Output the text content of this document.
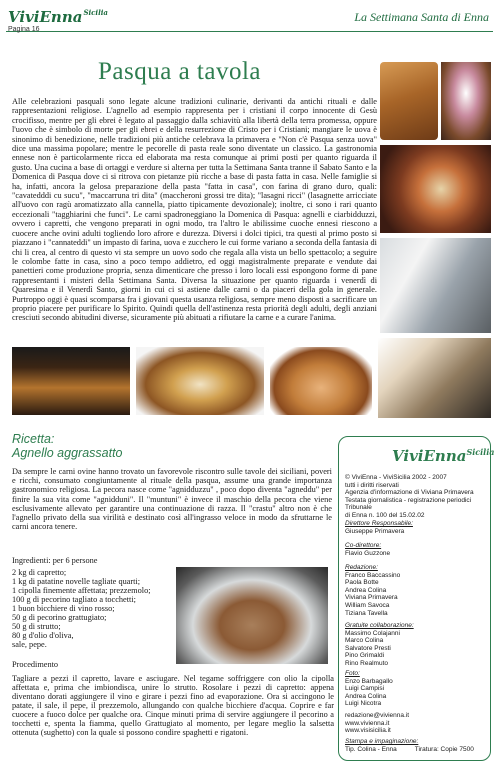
ViviEnna$^{Sicilia}$
Pagina 16
La Settimana Santa di Enna
Pasqua a tavola

Alle celebrazioni pasquali sono legate alcune tradizioni culinarie, derivanti da antichi rituali e dalle rappresentazioni religiose. L'agnello ad esempio rappresenta per i cristiani il corpo innocente di Gesù crocifisso, mentre per gli ebrei è legato al passaggio dalla schiavitù alla libertà della terra promessa, oppure l'uovo che è simbolo di morte per gli ebrei e della resurrezione di Cristo per i Cristiani; mangiare le uova è sinonimo di benedizione, nelle tradizioni più antiche celebrava la primavera e "Non c'è Pasqua senza uova" dice una massima popolare; mentre le pecorelle di pasta reale sono diventate un classico. La gastronomia ennese non è particolarmente ricca ed elaborata ma resta comunque ai primi posti per quanto riguarda il gusto. Una cucina a base di ortaggi e verdure si alterna per tutta la Settimana Santa tranne il Sabato Santo e la Domenica di Pasqua dove ci si ritrova con pietanze più ricche a base di pasta fatta in casa. Nelle famiglie si ha, infatti, ancora la gelosa preparazione della pasta "fatta in casa", con farina di grano duro, quali: "cavatedddi cu sucu", "maccarruna tri dita" (maccheroni grossi tre dita); "lasagni ricci" (lasagnette arricciate all'uovo con ragù aromatizzato alla cannella, piatto tipicamente devozionale); inoltre, ci sono i rari quanto eccezionali "tagghiarini che funci". Le carni spadroneggiano la Domenica di Pasqua: agnelli e ciarbidduzzi, ovvero i capretti, che vengono preparati in ogni modo, tra l'altro le abilissime cuoche ennesi riescono a cuocere anche ovini adulti togliendo loro afrore e durezza. Diversi i dolci tipici, tra questi al primo posto si piazzano i "cannateddi" un impasto di farina, uova e zucchero le cui forme variano a seconda della fantasia di chi li crea, al centro di questo vi sta sempre un uovo sodo che regala alla vista un bello spettacolo; a seguire le colombe fatte in casa, sino a poco tempo addietro, ed oggi magistralmente preparate e vendute dai panettieri come produzione propria, senza dimenticare che presso i loro locali essi espongono forme di pane rappresentanti i misteri della Settimana Santa. Diversa la situazione per quanto riguarda i venerdì di Quaresima e il Venerdì Santo, giorni in cui ci si astiene dalle carni o da piaceri della gola in generale. Purtroppo oggi è quasi scomparsa fra i giovani questa usanza religiosa, sempre meno disposti a sacrificare un proprio piacere per purificare lo Spirito. Quindi quella dell'astinenza resta priorità degli adulti, degli anziani cresciuti secondo abitudini diverse, sicuramente più abituati a rifiutare la carne e a curare l'anima.

Ricetta:
Agnello aggrassatto
Da sempre le carni ovine hanno trovato un favorevole riscontro sulle tavole dei siciliani, poveri e ricchi, consumato congiuntamente al rituale della pasqua, assume una grande importanza gastronomico religiosa. La pecora nasce come "agnidduzzu" , poco dopo diventa "agneddu" per finire la sua vita come "agnidduni". Il "muntuni" è invece il maschio della pecora che viene esclusivamente allevato per garantire una continuazione di razza. Il "crastu" altro non è che l'agnello privato della sua virilità e destinato così all'ingrasso veloce in modo da sfruttarne le carni ancora tenere.
Ingredienti: per 6 persone
2 kg di capretto;
1 kg di patatine novelle tagliate quarti;
1 cipolla finemente affettata; prezzemolo;
100 g di pecorino tagliato a tocchetti;
1 buon bicchiere di vino rosso;
50 g di pecorino grattugiato;
50 g di strutto;
80 g d'olio d'oliva,
sale, pepe.
Procedimento
Tagliare a pezzi il capretto, lavare e asciugare. Nel tegame soffriggere con olio la cipolla affettata e, prima che imbiondisca, unire lo strutto. Rosolare i pezzi di capretto: appena diventano dorati aggiungere il vino e girare i pezzi fino ad evaporazione. Ora si accingono le patate, il sale, il pepe, il prezzemolo, allungando con qualche bicchiere d'acqua. Coprire e far cuocere a fuoco dolce per qualche ora. Cinque minuti prima di servire aggiungere il pecorino a tocchetti e, spenta la fiamma, quello Grattugiato al momento, per legare meglio la salsetta ottenuta (sughetto) con la quale si possono condire spaghetti e rigatoni.
ViviEnna$^{Sicilia}$
© ViviEnna - ViviSicilia 2002 - 2007
tutti i diritti riservati
Agenzia d'informazione di Viviana Primavera
Testata giornalistica - registrazione periodici Tribunale
di Enna n. 100 del 15.02.02
Direttore Responsabile:
Giuseppe Primavera
Co-direttore:
Flavio Guzzone
Redazione:
Franco Baccassino
Paola Botte
Andrea Colina
Viviana Primavera
William Savoca
Tiziana Tavella
Gratuite collaborazione:
Massimo Colajanni
Marco Colina
Salvatore Presti
Pino Grimaldi
Rino Realmuto
Foto:
Enzo Barbagallo
Luigi Campisi
Andrea Colina
Luigi Nicotra
redazione@vivienna.it
www.vivienna.it
www.visisicilia.it
Stampa e impaginazione:
Tip. Colina - Enna	Tiratura: Copie 7500
